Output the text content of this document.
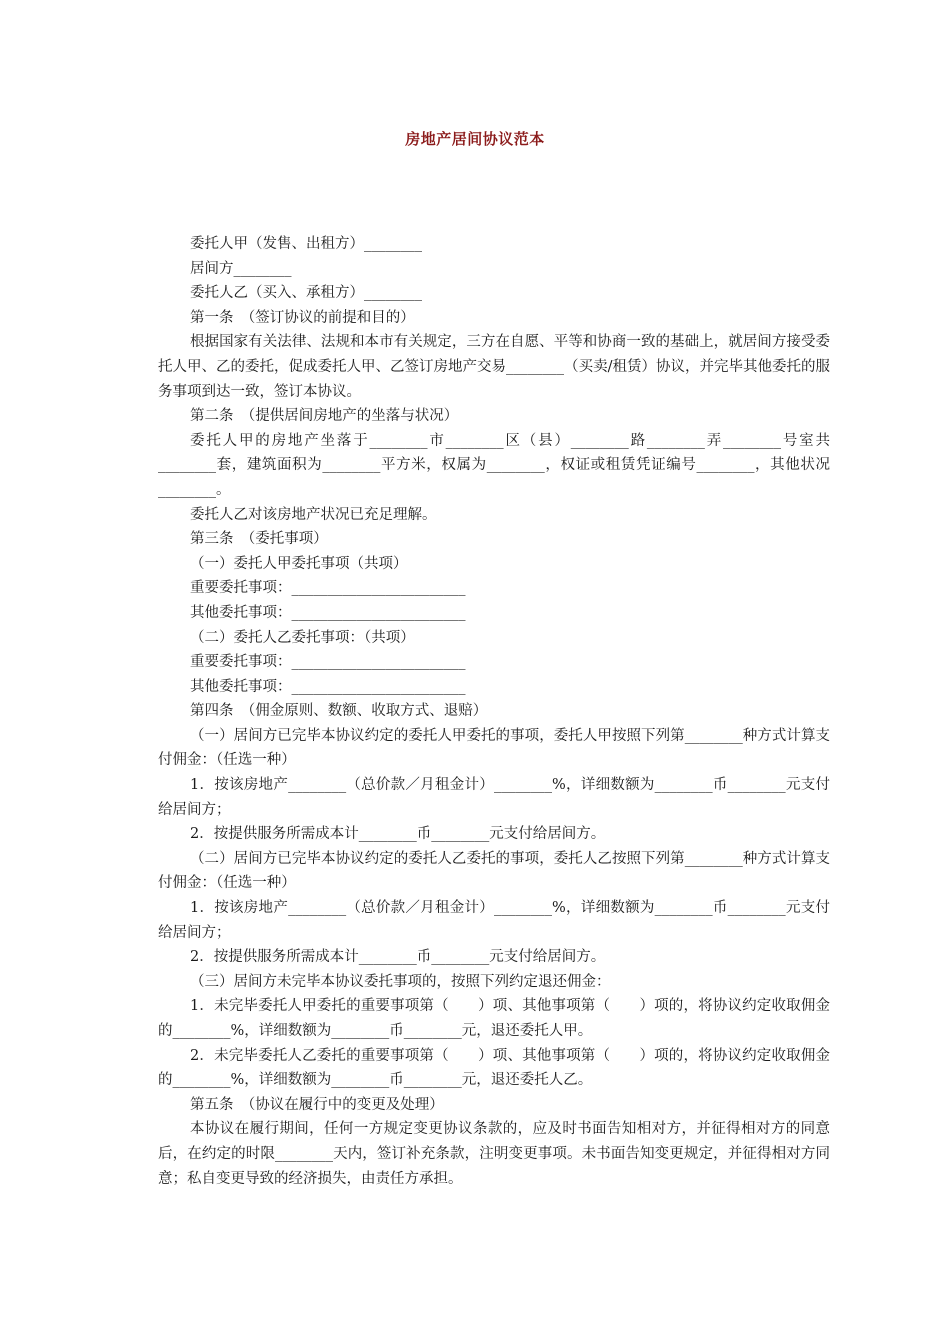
房地产居间协议范本

委托人甲（发售、出租方）________

居间方________

委托人乙（买入、承租方）________

第一条　（签订协议的前提和目的）

根据国家有关法律、法规和本市有关规定，三方在自愿、平等和协商一致的基础上，就居间方接受委托人甲、乙的委托，促成委托人甲、乙签订房地产交易________（买卖/租赁）协议，并完毕其他委托的服务事项到达一致，签订本协议。

第二条　（提供居间房地产的坐落与状况）

委托人甲的房地产坐落于________市________区（县）________路________弄________号室共________套，建筑面积为________平方米，权属为________，权证或租赁凭证编号________，其他状况________。

委托人乙对该房地产状况已充足理解。

第三条　（委托事项）

（一）委托人甲委托事项（共项）

重要委托事项：________________________

其他委托事项：________________________

（二）委托人乙委托事项：（共项）

重要委托事项：________________________

其他委托事项：________________________

第四条　（佣金原则、数额、收取方式、退赔）

（一）居间方已完毕本协议约定的委托人甲委托的事项，委托人甲按照下列第________种方式计算支付佣金：（任选一种）

1．按该房地产________（总价款／月租金计）________%，详细数额为________币________元支付给居间方；

2．按提供服务所需成本计________币________元支付给居间方。

（二）居间方已完毕本协议约定的委托人乙委托的事项，委托人乙按照下列第________种方式计算支付佣金：（任选一种）

1．按该房地产________（总价款／月租金计）________%，详细数额为________币________元支付给居间方；

2．按提供服务所需成本计________币________元支付给居间方。

（三）居间方未完毕本协议委托事项的，按照下列约定退还佣金：

1．未完毕委托人甲委托的重要事项第（　　）项、其他事项第（　　）项的，将协议约定收取佣金的________%，详细数额为________币________元，退还委托人甲。

2．未完毕委托人乙委托的重要事项第（　　）项、其他事项第（　　）项的，将协议约定收取佣金的________%，详细数额为________币________元，退还委托人乙。

第五条　（协议在履行中的变更及处理）

本协议在履行期间，任何一方规定变更协议条款的，应及时书面告知相对方，并征得相对方的同意后，在约定的时限________天内，签订补充条款，注明变更事项。未书面告知变更规定，并征得相对方同意；私自变更导致的经济损失，由责任方承担。
